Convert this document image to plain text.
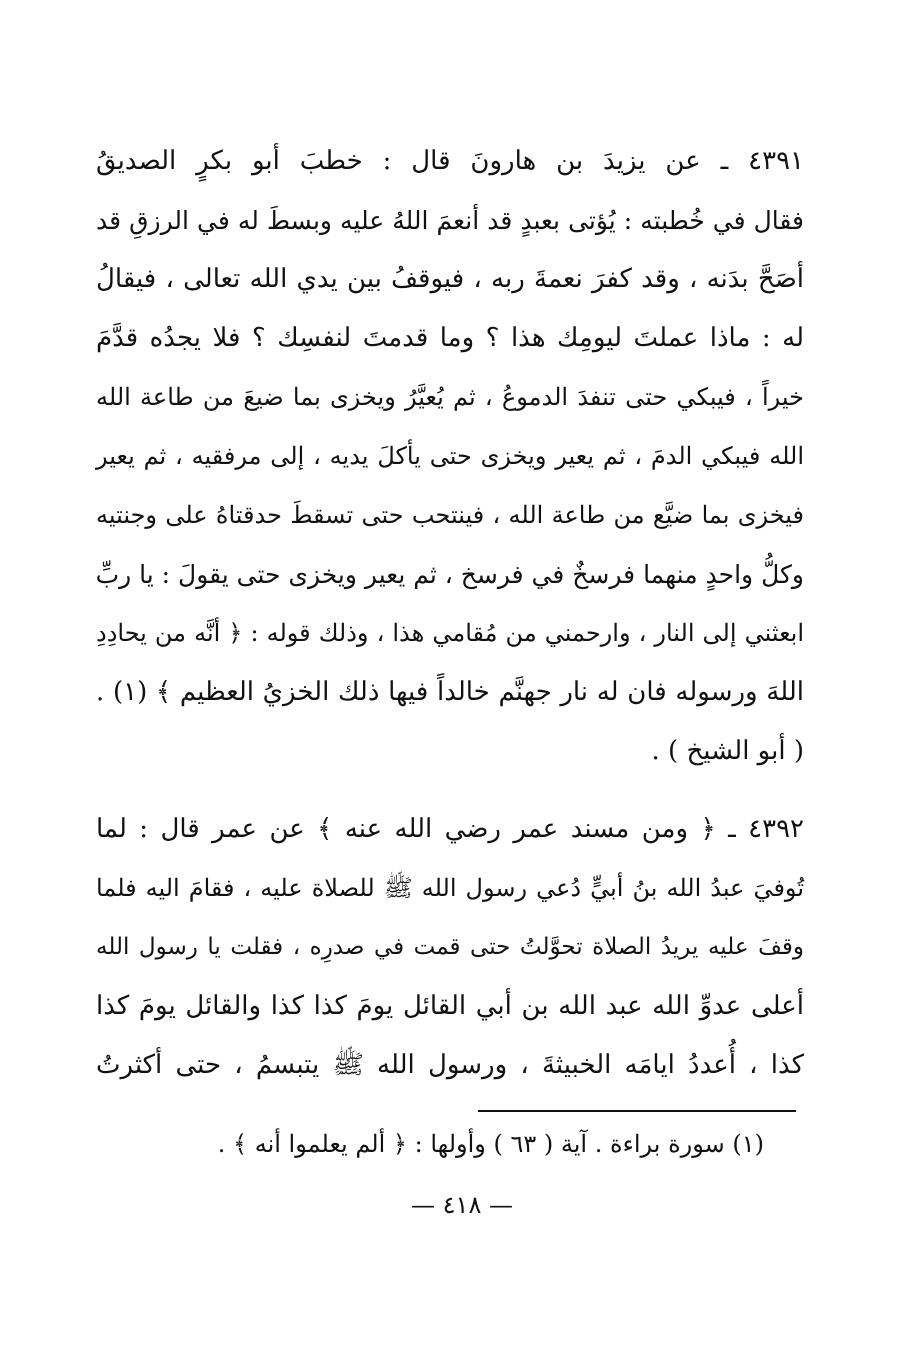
٤٣٩١ ـ عن يزيدَ بن هارونَ قال : خطبَ أبو بكرٍ الصديقُ
فقال في خُطبته : يُؤتى بعبدٍ قد أنعمَ اللهُ عليه وبسطَ له في الرزقِ قد
أصَحَّ بدَنه ، وقد كفرَ نعمةَ ربه ، فيوقفُ بين يدي الله تعالى ، فيقالُ
له : ماذا عملتَ ليومِك هذا ؟ وما قدمتَ لنفسِك ؟ فلا يجدُه قدَّمَ
خيراً ، فيبكي حتى تنفدَ الدموعُ ، ثم يُعيَّرُ ويخزى بما ضيعَ من طاعة الله
الله فيبكي الدمَ ، ثم يعير ويخزى حتى يأكلَ يديه ، إلى مرفقيه ، ثم يعير
فيخزى بما ضيَّع من طاعة الله ، فينتحب حتى تسقطَ حدقتاهُ على وجنتيه
وكلُّ واحدٍ منهما فرسخٌ في فرسخ ، ثم يعير ويخزى حتى يقولَ : يا ربِّ
ابعثني إلى النار ، وارحمني من مُقامي هذا ، وذلك قوله : ﴿ أنَّه من يحادِدِ
اللهَ ورسوله فان له نار جهنَّم خالداً فيها ذلك الخزيُ العظيم ﴾ (١) .
( أبو الشيخ ) .
٤٣٩٢ ـ ﴿ ومن مسند عمر رضي الله عنه ﴾ عن عمر قال : لما
تُوفيَ عبدُ الله بنُ أبيٍّ دُعي رسول الله ﷺ للصلاة عليه ، فقامَ اليه فلما
وقفَ عليه يريدُ الصلاة تحوَّلتُ حتى قمت في صدرِه ، فقلت يا رسول الله
أعلى عدوِّ الله عبد الله بن أبي القائل يومَ كذا كذا والقائل يومَ كذا
كذا ، أُعددُ ايامَه الخبيثةَ ، ورسول الله ﷺ يتبسمُ ، حتى أكثرتُ
(١) سورة براءة . آية ( ٦٣ ) وأولها : ﴿ ألم يعلموا أنه ﴾ .
— ٤١٨ —
